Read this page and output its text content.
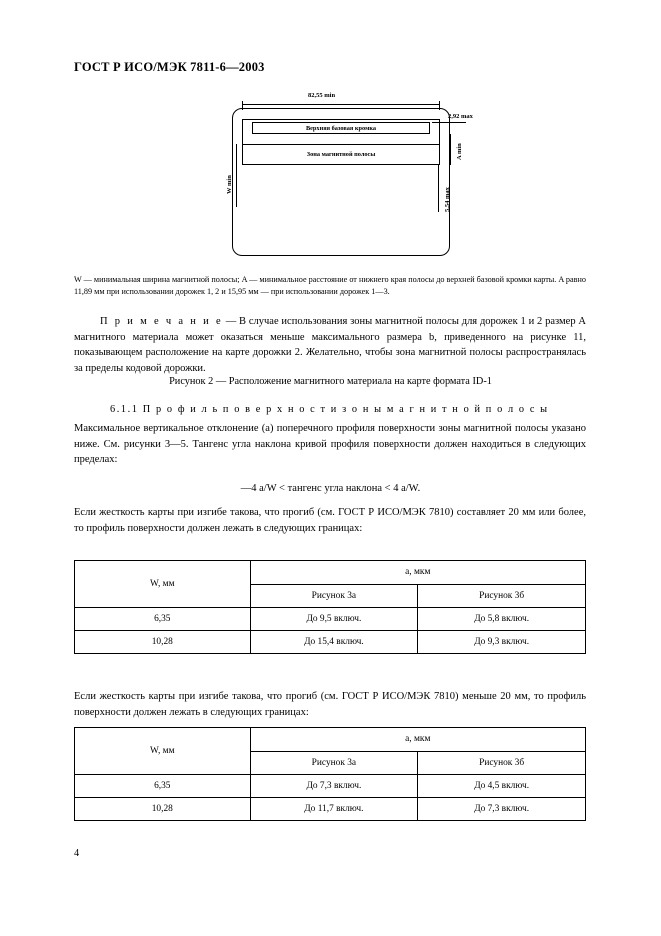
ГОСТ Р ИСО/МЭК 7811-6—2003
82,55 min
2,92 max
Верхняя базовая кромка
Зона магнитной полосы
W min
A min
5,54 max
W — минимальная ширина магнитной полосы; A — минимальное расстояние от нижнего края полосы до верхней базовой кромки карты. A равно 11,89 мм при использовании дорожек 1, 2 и 15,95 мм — при использовании дорожек 1—3.
П р и м е ч а н и е — В случае использования зоны магнитной полосы для дорожек 1 и 2 размер A магнитного материала может оказаться меньше максимального размера b, приведенного на рисунке 11, показывающем расположение на карте дорожки 2. Желательно, чтобы зона магнитной полосы распространялась за пределы кодовой дорожки.
Рисунок 2 — Расположение магнитного материала на карте формата ID-1
6.1.1 П р о ф и л ь п о в е р х н о с т и з о н ы м а г н и т н о й п о л о с ы
Максимальное вертикальное отклонение (a) поперечного профиля поверхности зоны магнитной полосы указано ниже. См. рисунки 3—5. Тангенс угла наклона кривой профиля поверхности должен находиться в следующих пределах:
—4 a/W < тангенс угла наклона < 4 a/W.
Если жесткость карты при изгибе такова, что прогиб (см. ГОСТ Р ИСО/МЭК 7810) составляет 20 мм или более, то профиль поверхности должен лежать в следующих границах:
W, мм	a, мкм	
	Рисунок 3а	Рисунок 3б
6,35	До 9,5 включ.	До 5,8 включ.
10,28	До 15,4 включ.	До 9,3 включ.
Если жесткость карты при изгибе такова, что прогиб (см. ГОСТ Р ИСО/МЭК 7810) меньше 20 мм, то профиль поверхности должен лежать в следующих границах:
W, мм	a, мкм	
	Рисунок 3а	Рисунок 3б
6,35	До 7,3 включ.	До 4,5 включ.
10,28	До 11,7 включ.	До 7,3 включ.
4
